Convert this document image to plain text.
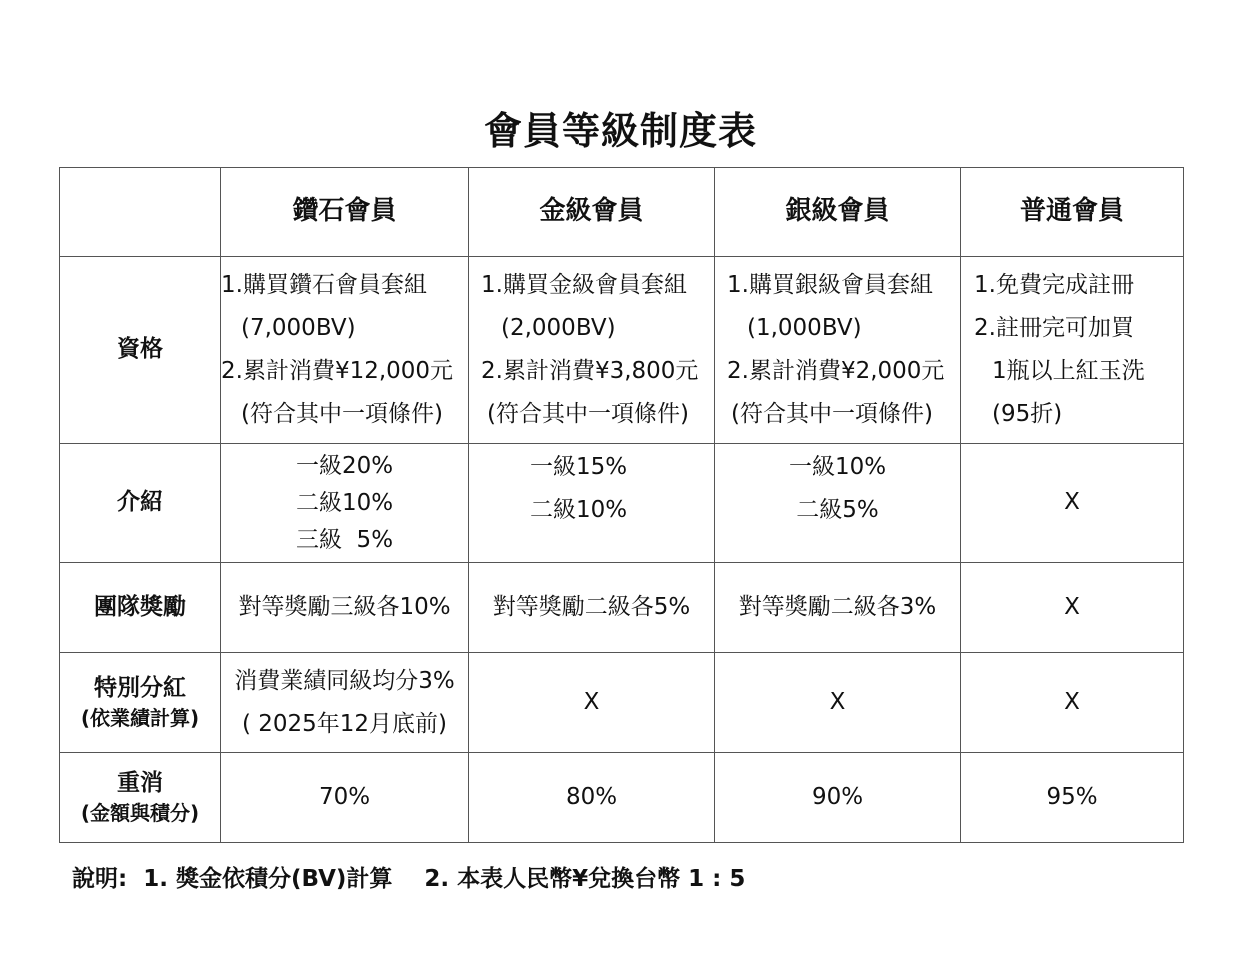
會員等級制度表
	鑽石會員	金級會員	銀級會員	普通會員
資格	1.購買鑽石會員套組
(7,000BV)
2.累計消費¥12,000元
(符合其中一項條件)	1.購買金級會員套組
(2,000BV)
2.累計消費¥3,800元
(符合其中一項條件)	1.購買銀級會員套組
(1,000BV)
2.累計消費¥2,000元
(符合其中一項條件)	1.免費完成註冊
2.註冊完可加買
1瓶以上紅玉洗
(95折)

介紹	一級20%
二級10%
三級  5%	一級15%
二級10%	一級10%
二級5%	X
團隊獎勵	對等獎勵三級各10%	對等獎勵二級各5%	對等獎勵二級各3%	X
特別分紅
(依業績計算)	消費業績同級均分3%
( 2025年12月底前)	X	X	X
重消
(金額與積分)	70%	80%	90%	95%
說明:  1. 獎金依積分(BV)計算    2. 本表人民幣¥兌換台幣 1 : 5
